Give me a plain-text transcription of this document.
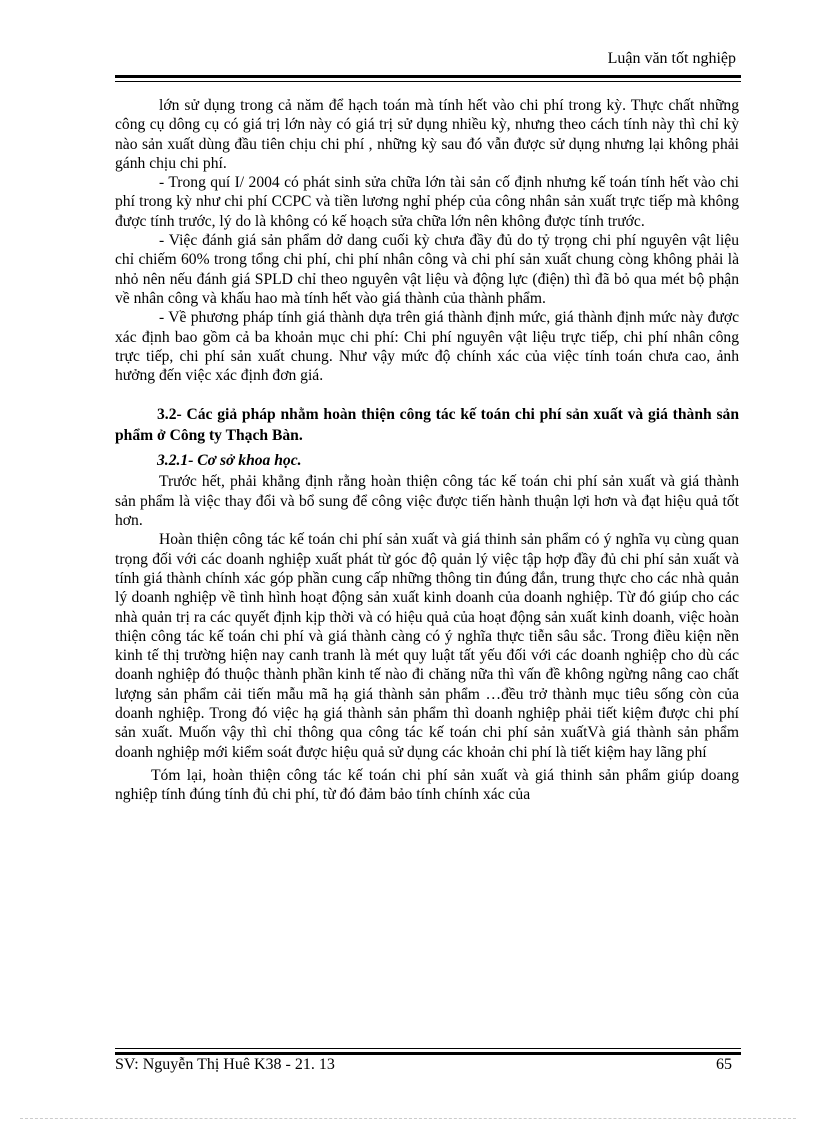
Luận văn tốt nghiệp

lớn sử dụng trong cả năm để hạch toán mà tính hết vào chi phí trong kỳ. Thực chất những công cụ dông cụ có giá trị lớn này có giá trị sử dụng nhiều kỳ, nhưng theo cách tính này thì chỉ kỳ nào sản xuất dùng đầu tiên chịu chi phí , những kỳ sau đó vẫn được sử dụng nhưng lại không phải gánh chịu chi phí.

- Trong quí I/ 2004 có phát sinh sửa chữa lớn tài sản cố định nhưng kế toán tính hết vào chi phí trong kỳ như chi phí CCPC và tiền lương nghỉ phép của công nhân sản xuất trực tiếp mà không được tính trước, lý do là không có kế hoạch sửa chữa lớn nên không được tính trước.

- Việc đánh giá sản phẩm dở dang cuối kỳ chưa đầy đủ do tỷ trọng chi phí nguyên vật liệu chỉ chiếm 60% trong tổng chi phí, chi phí nhân công và chi phí sản xuất chung còng không phải là nhỏ nên nếu đánh giá SPLD chỉ theo nguyên vật liệu và động lực (điện) thì đã bỏ qua mét bộ phận về nhân công và khấu hao mà tính hết vào giá thành của thành phẩm.

- Về phương pháp tính giá thành dựa trên giá thành định mức, giá thành định mức này được xác định bao gồm cả ba khoản mục chi phí: Chi phí nguyên vật liệu trực tiếp, chi phí nhân công trực tiếp, chi phí sản xuất chung. Như vậy mức độ chính xác của việc tính toán chưa cao, ảnh hưởng đến việc xác định đơn giá.

3.2- Các giả pháp nhằm hoàn thiện công tác kế toán chi phí sản xuất và giá thành sản phẩm ở Công ty Thạch Bàn.

3.2.1- Cơ sở khoa học.

Trước hết, phải khẳng định rằng hoàn thiện công tác kế toán chi phí sản xuất và giá thành sản phẩm là việc thay đổi và bổ sung để công việc được tiến hành thuận lợi hơn và đạt hiệu quả tốt hơn.

Hoàn thiện công tác kế toán chi phí sản xuất và giá thinh sản phẩm có ý nghĩa vụ cùng quan trọng đối với các doanh nghiệp xuất phát từ góc độ quản lý việc tập hợp đầy đủ chi phí sản xuất và tính giá thành chính xác góp phần cung cấp những thông tin đúng đắn, trung thực cho các nhà quản lý doanh nghiệp về tình hình hoạt động sản xuất kinh doanh của doanh nghiệp. Từ đó giúp cho các nhà quản trị ra các quyết định kịp thời và có hiệu quả của hoạt động sản xuất kinh doanh, việc hoàn thiện công tác kế toán chi phí và giá thành càng có ý nghĩa thực tiễn sâu sắc. Trong điều kiện nền kinh tế thị trường hiện nay canh tranh là mét quy luật tất yếu đối với các doanh nghiệp cho dù các doanh nghiệp đó thuộc thành phần kinh tế nào đi chăng nữa thì vấn đề không ngừng nâng cao chất lượng sản phẩm cải tiến mẫu mã hạ giá thành sản phẩm …đều trở thành mục tiêu sống còn của doanh nghiệp. Trong đó việc hạ giá thành sản phẩm thì doanh nghiệp phải tiết kiệm được chi phí sản xuất. Muốn vậy thì chỉ thông qua công tác kế toán chi phí sản xuấtVà giá thành sản phẩm doanh nghiệp mới kiểm soát được hiệu quả sử dụng các khoản chi phí là tiết kiệm hay lãng phí

Tóm lại, hoàn thiện công tác kế toán chi phí sản xuất và giá thinh sản phẩm giúp doang nghiệp tính đúng tính đủ chi phí, từ đó đảm bảo tính chính xác của

SV: Nguyễn Thị Huê K38 - 21. 13	65
